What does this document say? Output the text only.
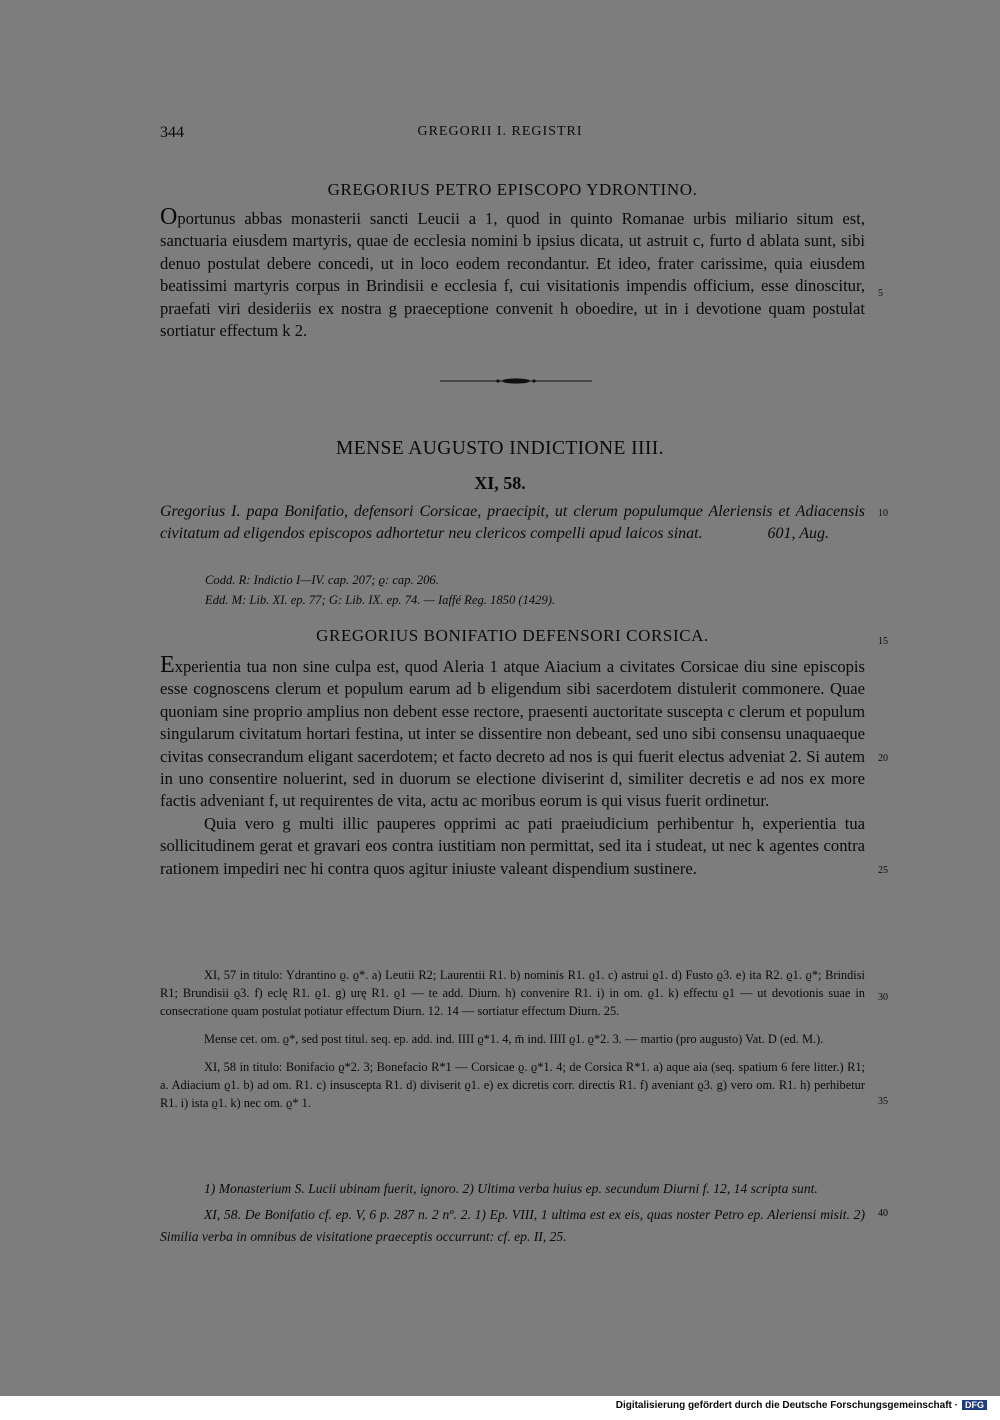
344	GREGORII I. REGISTRI
GREGORIUS PETRO EPISCOPO YDRONTINO.

Oportunus abbas monasterii sancti Leucii a 1, quod in quinto Romanae urbis miliario situm est, sanctuaria eiusdem martyris, quae de ecclesia nomini b ipsius dicata, ut astruit c, furto d ablata sunt, sibi denuo postulat debere concedi, ut in loco eodem recondantur. Et ideo, frater carissime, quia eiusdem beatissimi martyris corpus in Brindisii e ecclesia f, cui visitationis impendis officium, esse dinoscitur, praefati viri desideriis ex nostra g praeceptione convenit h oboedire, ut in i devotione quam postulat sortiatur effectum k 2.

MENSE AUGUSTO INDICTIONE IIII.
XI, 58.
Gregorius I. papa Bonifatio, defensori Corsicae, praecipit, ut clerum populumque Aleriensis et Adiacensis civitatum ad eligendos episcopos adhortetur neu clericos compelli apud laicos sinat.	601, Aug.
Codd. R: Indictio I—IV. cap. 207; ϱ: cap. 206.
Edd. M: Lib. XI. ep. 77; G: Lib. IX. ep. 74. — Iaffé Reg. 1850 (1429).
GREGORIUS BONIFATIO DEFENSORI CORSICA.

Experientia tua non sine culpa est, quod Aleria 1 atque Aiacium a civitates Corsicae diu sine episcopis esse cognoscens clerum et populum earum ad b eligendum sibi sacerdotem distulerit commonere. Quae quoniam sine proprio amplius non debent esse rectore, praesenti auctoritate suscepta c clerum et populum singularum civitatum hortari festina, ut inter se dissentire non debeant, sed uno sibi consensu unaquaeque civitas consecrandum eligant sacerdotem; et facto decreto ad nos is qui fuerit electus adveniat 2. Si autem in uno consentire noluerint, sed in duorum se electione diviserint d, similiter decretis e ad nos ex more factis adveniant f, ut requirentes de vita, actu ac moribus eorum is qui visus fuerit ordinetur.

Quia vero g multi illic pauperes opprimi ac pati praeiudicium perhibentur h, experientia tua sollicitudinem gerat et gravari eos contra iustitiam non permittat, sed ita i studeat, ut nec k agentes contra rationem impediri nec hi contra quos agitur iniuste valeant dispendium sustinere.

5
10
15
20
25
30
35
40

XI, 57 in titulo: Ydrantino ϱ. ϱ*. a) Leutii R2; Laurentii R1. b) nominis R1. ϱ1. c) astrui ϱ1. d) Fusto ϱ3. e) ita R2. ϱ1. ϱ*; Brindisi R1; Brundisii ϱ3. f) eclę R1. ϱ1. g) urę R1. ϱ1 — te add. Diurn. h) convenire R1. i) in om. ϱ1. k) effectu ϱ1 — ut devotionis suae in consecratione quam postulat potiatur effectum Diurn. 12. 14 — sortiatur effectum Diurn. 25.

Mense cet. om. ϱ*, sed post titul. seq. ep. add. ind. IIII ϱ*1. 4, m̄ ind. IIII ϱ1. ϱ*2. 3. — martio (pro augusto) Vat. D (ed. M.).

XI, 58 in titulo: Bonifacio ϱ*2. 3; Bonefacio R*1 — Corsicae ϱ. ϱ*1. 4; de Corsica R*1. a) aque aia (seq. spatium 6 fere litter.) R1; a. Adiacium ϱ1. b) ad om. R1. c) insuscepta R1. d) diviserit ϱ1. e) ex dicretis corr. directis R1. f) aveniant ϱ3. g) vero om. R1. h) perhibetur R1. i) ista ϱ1. k) nec om. ϱ* 1.

1) Monasterium S. Lucii ubinam fuerit, ignoro. 2) Ultima verba huius ep. secundum Diurni f. 12, 14 scripta sunt.

XI, 58. De Bonifatio cf. ep. V, 6 p. 287 n. 2 nº. 2. 1) Ep. VIII, 1 ultima est ex eis, quas noster Petro ep. Aleriensi misit. 2) Similia verba in omnibus de visitatione praeceptis occurrunt: cf. ep. II, 25.

Digitalisierung gefördert durch die Deutsche Forschungsgemeinschaft · DFG
